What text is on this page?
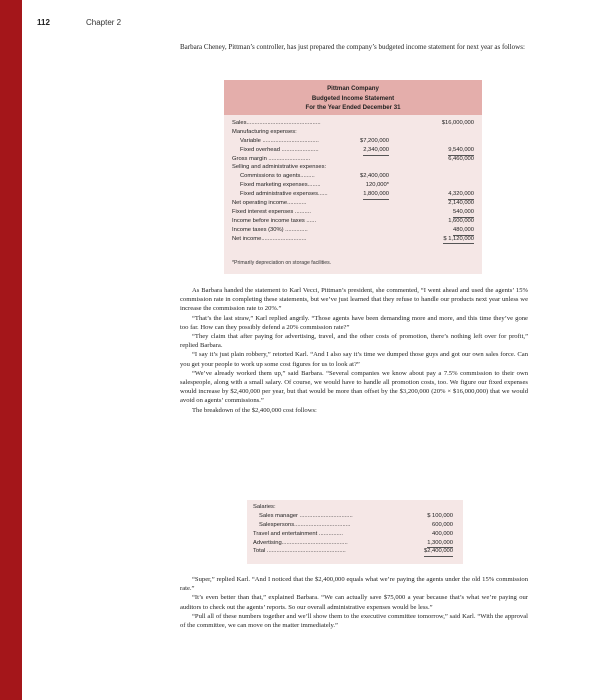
112	Chapter 2
Barbara Cheney, Pittman’s controller, has just prepared the company’s budgeted income statement for next year as follows:
Pittman Company
Budgeted Income Statement
For the Year Ended December 31
Sales..............................................	$16,000,000
Manufacturing expenses:
Variable ...................................	$7,200,000
Fixed overhead .......................	2,340,000	9,540,000
Gross margin ..........................	6,460,000
Selling and administrative expenses:
Commissions to agents.........	$2,400,000
Fixed marketing expenses........	120,000*
Fixed administrative expenses......	1,800,000	4,320,000
Net operating income............	2,140,000
Fixed interest expenses ..........	540,000
Income before income taxes ......	1,600,000
Income taxes (30%) ..............	480,000
Net income............................	$ 1,120,000
*Primarily depreciation on storage facilities.

As Barbara handed the statement to Karl Vecci, Pittman’s president, she commented, “I went ahead and used the agents’ 15% commission rate in completing these statements, but we’ve just learned that they refuse to handle our products next year unless we increase the commission rate to 20%.”

“That’s the last straw,” Karl replied angrily. “Those agents have been demanding more and more, and this time they’ve gone too far. How can they possibly defend a 20% commission rate?”

“They claim that after paying for advertising, travel, and the other costs of promotion, there’s nothing left over for profit,” replied Barbara.

“I say it’s just plain robbery,” retorted Karl. “And I also say it’s time we dumped those guys and got our own sales force. Can you get your people to work up some cost figures for us to look at?”

“We’ve already worked them up,” said Barbara. “Several companies we know about pay a 7.5% commission to their own salespeople, along with a small salary. Of course, we would have to handle all promotion costs, too. We figure our fixed expenses would increase by $2,400,000 per year, but that would be more than offset by the $3,200,000 (20% × $16,000,000) that we would avoid on agents’ commissions.”

The breakdown of the $2,400,000 cost follows:

Salaries:
Sales manager .................................	$ 100,000
Salespersons...................................	600,000
Travel and entertainment ...............	400,000
Advertising.........................................	1,300,000
Total .................................................	$2,400,000

“Super,” replied Karl. “And I noticed that the $2,400,000 equals what we’re paying the agents under the old 15% commission rate.”

“It’s even better than that,” explained Barbara. “We can actually save $75,000 a year because that’s what we’re paying our auditors to check out the agents’ reports. So our overall administrative expenses would be less.”

“Pull all of these numbers together and we’ll show them to the executive committee tomorrow,” said Karl. “With the approval of the committee, we can move on the matter immediately.”
